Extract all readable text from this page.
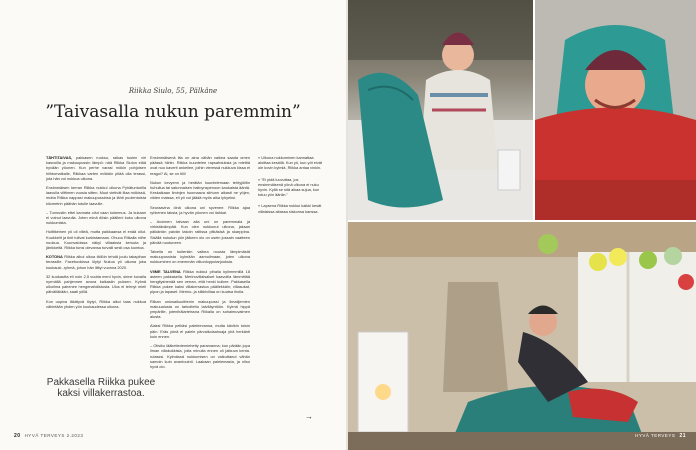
Riikka Siulo, 55, Pälkäne
”Taivasalla nukun paremmin”

TÄHTITAIVAS, pakkasen ruoksu, raikas tuulen viri kasvoilla ja makuupussin lämpö: nää Riikka Siulon elää hyvään yöunen. Kun perhe varasi mökin pohjoisen hiihtomatkalle, Riikkaa varten mökkiin pitää olla terassi, jota hän voi nukkua ulkona.

Ensimmäisen kerran Riikka nukkui ulkona Pyhätunturilla laavulla vilttimen vuosia sitten. Muut vietivät illaa mökissä, mutta Riikka nappasi makuupussinsa ja lähti puolentoista kilometrin päähän tutulle laavulle.

– Tunnustin ettei kannata ollut vaan kokemus. Ja kukaan ei voinut laavulla. Joten minä dösin päälleni koko ulkona nukkumista.

Hulttikeinen yö oli villeä, mutta paikkaansa ei enää ollut. Kuukkelit ja tinit tulivat kurkistamaan. Ohuoo Riikalla niihe nuokua. Kuunvaloissa näkyi villaaksia keruuta ja jänikkeitä. Riikka tunsi olevansa turvalli sesti osa luontoa.

KOTONA Riikka alkoi ulkoa tällöin tehdä joulu takapihan terassille. Facebookissa löytyi Nukuu yö ulkona joka kuukausi -ryhmä, johon hän liittyi vuonna 2020.

32 kuukautta eli noin 2,5 vuotta meni hyvin, sinne kovalla nyrmällä pahjennee avona kaikasiin puksen. Kylmä ulkoilma pahenee hengenahdistusta. Ulos ei tehnyt mieli päivälläkään, saati yöllä.

Kun uupiva läkätyvä löytyi, Riikka alkoi taas nukkua vähintään yhden yön kuukaudessa ulkona.

Pakkasella Riikka pukee kaksi villakerrastoa.

Ensimmäisenä ilta on aina vähän vaikea saada omen päässä hiiriin. Riikka kuuntelee rapsahduksia ja miettiä ovat nuo kaverit ankeilee, joihin vieressä nukkuva kissa ei reagoi? Ai, se on tiili!

Nukun kevyenn ja herätän kuuntelemaan tehtyjöiltin huhuilua tai satunnaisen halinynspenoon kaukaista ääntä. Keskaikaan liminjen huomaava siirtunn aikasti ne yöjen, viiden maissa, eli yö voi jäädä myös aika lyhyeksi.

Seuraavina öinä ulkona uni syvenee. Riikka ajaa ryhkenen taksia, ja hyvän yöunen voi ilahkai.

– Avoimen taivaan alla uni on paremmala ja virkistävämpää. Kun olen nukkunut ulkona, jaksan päikänkin paivän takoin raitissa pitkäsisä ja skarppina. Sisällä nukutun yön jälkeen olo on usein jossain vaatteen päivää nuutuneen.

Talvella on kuitenkin vaikea nousta lämpimästä makuupussista kylmään aamuilmaan, joten ulkona nukkuminen on enemmän viikonlopputarjouksia.

VIIME TALVENA Riikka nukkui pihalla kylimmmillä 18 asteen pakkasella. Merinovillaisaiset kaavoilla lämmittää hengityshenää sen verran, että henki kulkee. Pakkasella Riikka pukee kaksi villakerrastoa päällekkäin; villasukat, pipon ja lapaset. Merino- ja silkkivillaa on kuutsa iholla.

Riikan uniosaikuutttenin makuupussi ja ilmatijemien makuualusta on tarkoitettu talviläyntöön. Kylmä hippä ympärille, jotenihäiarteissna Riikalla on sohaimuvalmen alusta.

Alaksi Riikka pelkäsi paleleevansa, mutta kävikin toisin päin. Eräs yönä ei palele pärvaikoisahuaja yhä herkänti kuin ennen.

– Olisiko lääketiedemiehetty paramanna; kun pärään jopa ilman villakukkisia, joita minulla ennen oli jatkuva kenta. rulasssi. Kylmässä nukkumisen on vaikuttanut vähän samoin kuin avantouinti. Laakaan palelemasta, ja nilso hyvä olo.

« Ulkona nukkuminen kannattaa aloittaa kesällä. Kun yö, kun yöt eivät ole kovin kylmiä, Riikka antaa vinkin.

« ”Ei pidä luovuttaa, jos ensimmäisenä yönä ulkona ei nuku hyvin. Kyllä se sitä alkaa sujua, kun totuu yön ääniin.”

« Lapsena Riikka nukkui kaikki kesät villaisissa aitassa siskonsa kanssa.

→
20 HYVÄ TERVEYS 2.2023	HYVÄ TERVEYS 21
